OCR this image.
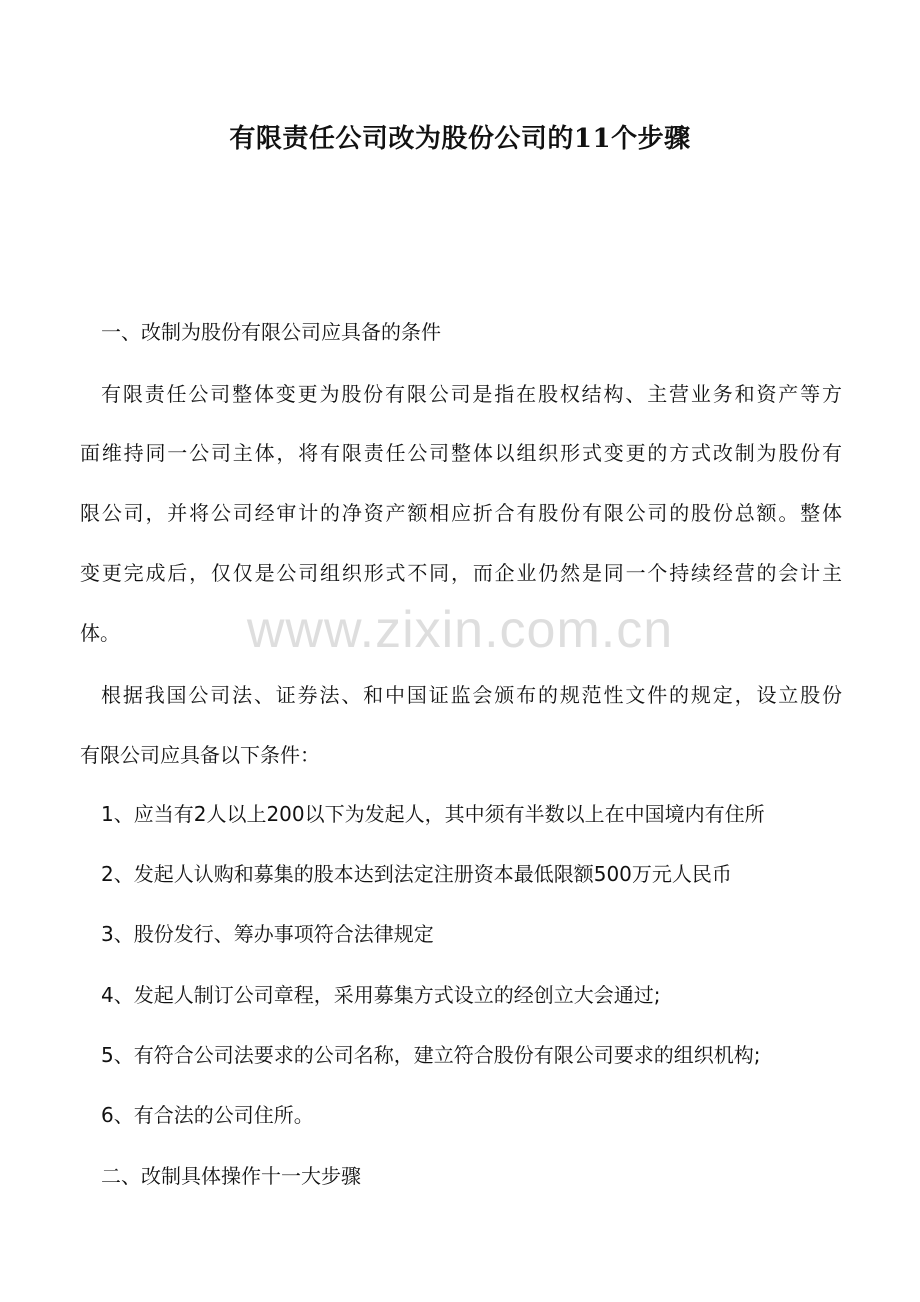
有限责任公司改为股份公司的11个步骤

一、改制为股份有限公司应具备的条件

有限责任公司整体变更为股份有限公司是指在股权结构、主营业务和资产等方

面维持同一公司主体，将有限责任公司整体以组织形式变更的方式改制为股份有

限公司，并将公司经审计的净资产额相应折合有股份有限公司的股份总额。整体

变更完成后，仅仅是公司组织形式不同，而企业仍然是同一个持续经营的会计主

体。

根据我国公司法、证券法、和中国证监会颁布的规范性文件的规定，设立股份

有限公司应具备以下条件：

1、应当有2人以上200以下为发起人，其中须有半数以上在中国境内有住所

2、发起人认购和募集的股本达到法定注册资本最低限额500万元人民币

3、股份发行、筹办事项符合法律规定

4、发起人制订公司章程，采用募集方式设立的经创立大会通过;

5、有符合公司法要求的公司名称，建立符合股份有限公司要求的组织机构;

6、有合法的公司住所。

二、改制具体操作十一大步骤

www.zixin.com.cn
